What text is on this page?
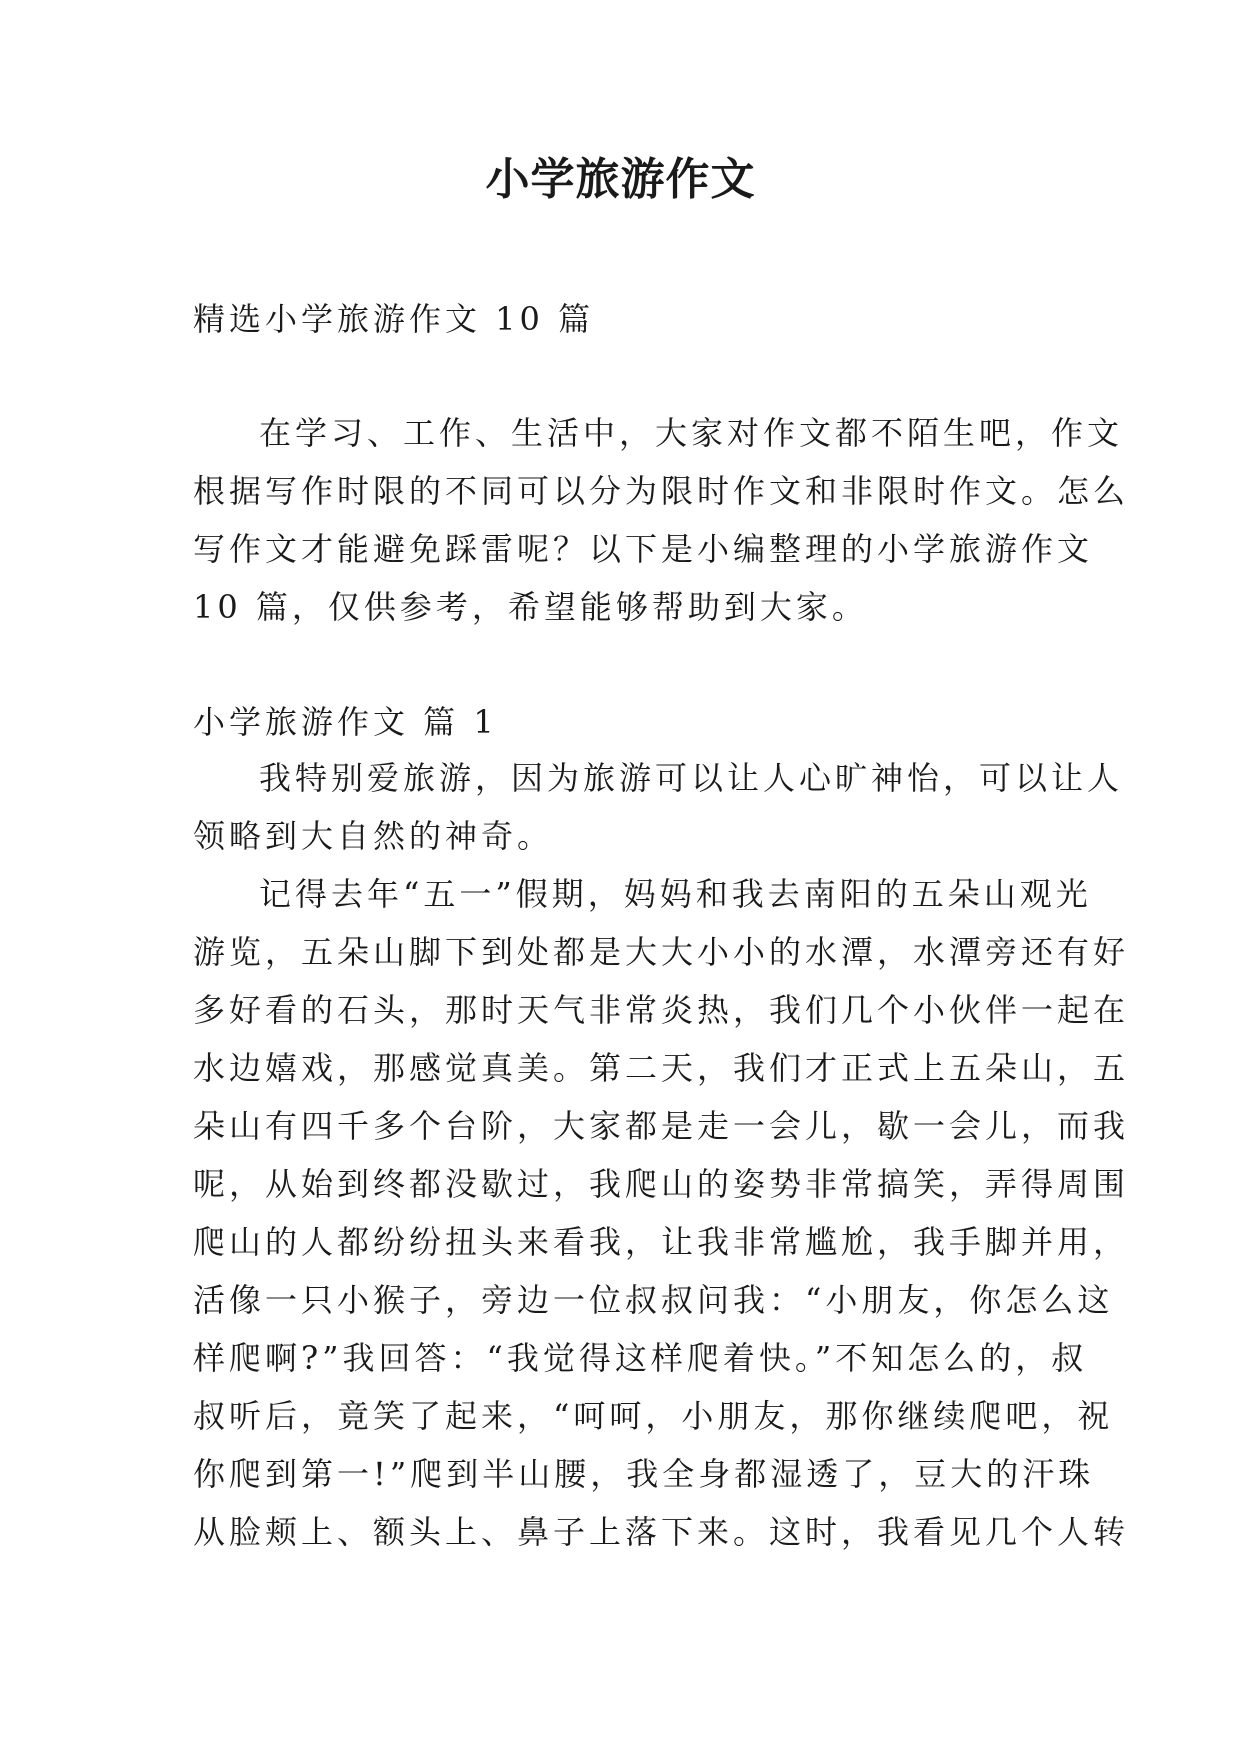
小学旅游作文
精选小学旅游作文 10 篇
在学习、工作、生活中，大家对作文都不陌生吧，作文
根据写作时限的不同可以分为限时作文和非限时作文。怎么
写作文才能避免踩雷呢？以下是小编整理的小学旅游作文
10 篇，仅供参考，希望能够帮助到大家。
小学旅游作文 篇 1
我特别爱旅游，因为旅游可以让人心旷神怡，可以让人
领略到大自然的神奇。
记得去年“五一”假期，妈妈和我去南阳的五朵山观光
游览，五朵山脚下到处都是大大小小的水潭，水潭旁还有好
多好看的石头，那时天气非常炎热，我们几个小伙伴一起在
水边嬉戏，那感觉真美。第二天，我们才正式上五朵山，五
朵山有四千多个台阶，大家都是走一会儿，歇一会儿，而我
呢，从始到终都没歇过，我爬山的姿势非常搞笑，弄得周围
爬山的人都纷纷扭头来看我，让我非常尴尬，我手脚并用，
活像一只小猴子，旁边一位叔叔问我：“小朋友，你怎么这
样爬啊?”我回答：“我觉得这样爬着快。”不知怎么的，叔
叔听后，竟笑了起来，“呵呵，小朋友，那你继续爬吧，祝
你爬到第一!”爬到半山腰，我全身都湿透了，豆大的汗珠
从脸颊上、额头上、鼻子上落下来。这时，我看见几个人转
